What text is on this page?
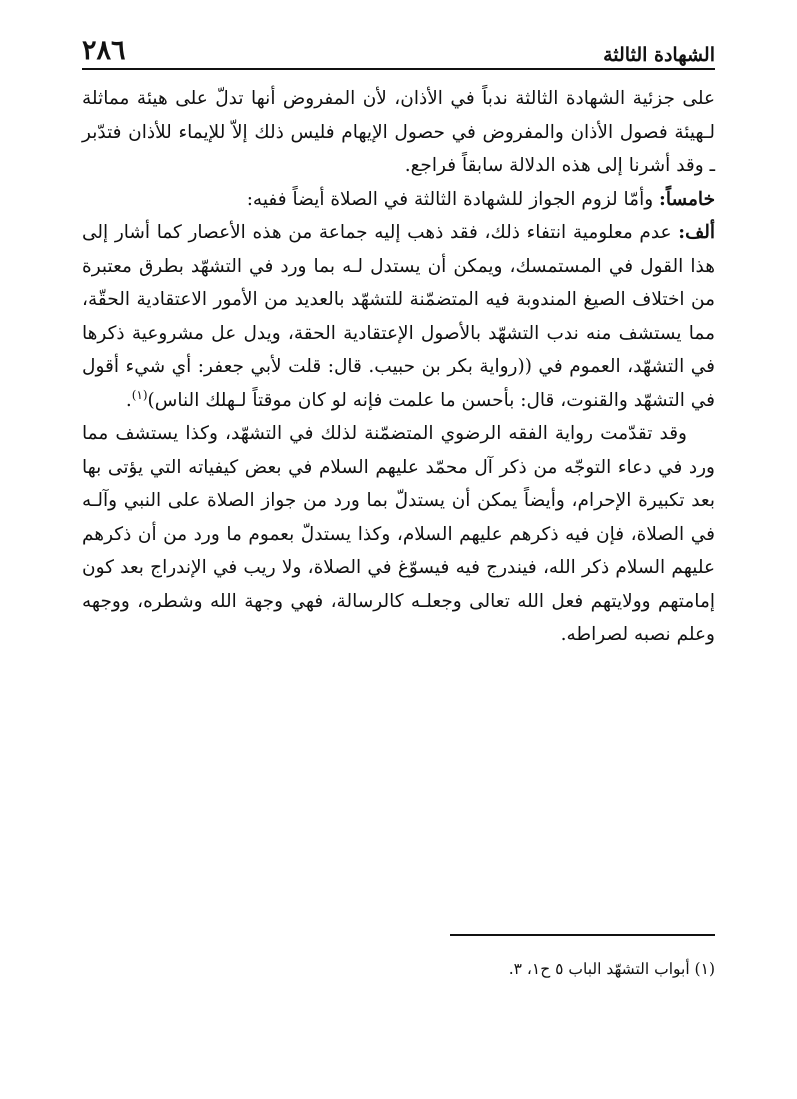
الشهادة الثالثة
٢٨٦

على جزئية الشهادة الثالثة ندباً في الأذان، لأن المفروض أنها تدلّ على هيئة مماثلة لـهيئة فصول الأذان والمفروض في حصول الإيهام فليس ذلك إلاّ للإيماء للأذان فتدّبر ـ وقد أشرنا إلى هذه الدلالة سابقاً فراجع.

خامساً: وأمّا لزوم الجواز للشهادة الثالثة في الصلاة أيضاً ففيه:

ألف: عدم معلومية انتفاء ذلك، فقد ذهب إليه جماعة من هذه الأعصار كما أشار إلى هذا القول في المستمسك، ويمكن أن يستدل لـه بما ورد في التشهّد بطرق معتبرة من اختلاف الصيغ المندوبة فيه المتضمّنة للتشهّد بالعديد من الأمور الاعتقادية الحقّة، مما يستشف منه ندب التشهّد بالأصول الإعتقادية الحقة، ويدل عل مشروعية ذكرها في التشهّد، العموم في ((رواية بكر بن حبيب. قال: قلت لأبي جعفر: أي شيء أقول في التشهّد والقنوت، قال: بأحسن ما علمت فإنه لو كان موقتاً لـهلك الناس)$^{(١)}$.

وقد تقدّمت رواية الفقه الرضوي المتضمّنة لذلك في التشهّد، وكذا يستشف مما ورد في دعاء التوجّه من ذكر آل محمّد عليهم السلام في بعض كيفياته التي يؤتى بها بعد تكبيرة الإحرام، وأيضاً يمكن أن يستدلّ بما ورد من جواز الصلاة على النبي وآلـه في الصلاة، فإن فيه ذكرهم عليهم السلام، وكذا يستدلّ بعموم ما ورد من أن ذكرهم عليهم السلام ذكر الله، فيندرج فيه فيسوّغ في الصلاة، ولا ريب في الإندراج بعد كون إمامتهم وولايتهم فعل الله تعالى وجعلـه كالرسالة، فهي وجهة الله وشطره، ووجهه وعلم نصبه لصراطه.

(١) أبواب التشهّد الباب ٥ ح١، ٣.
